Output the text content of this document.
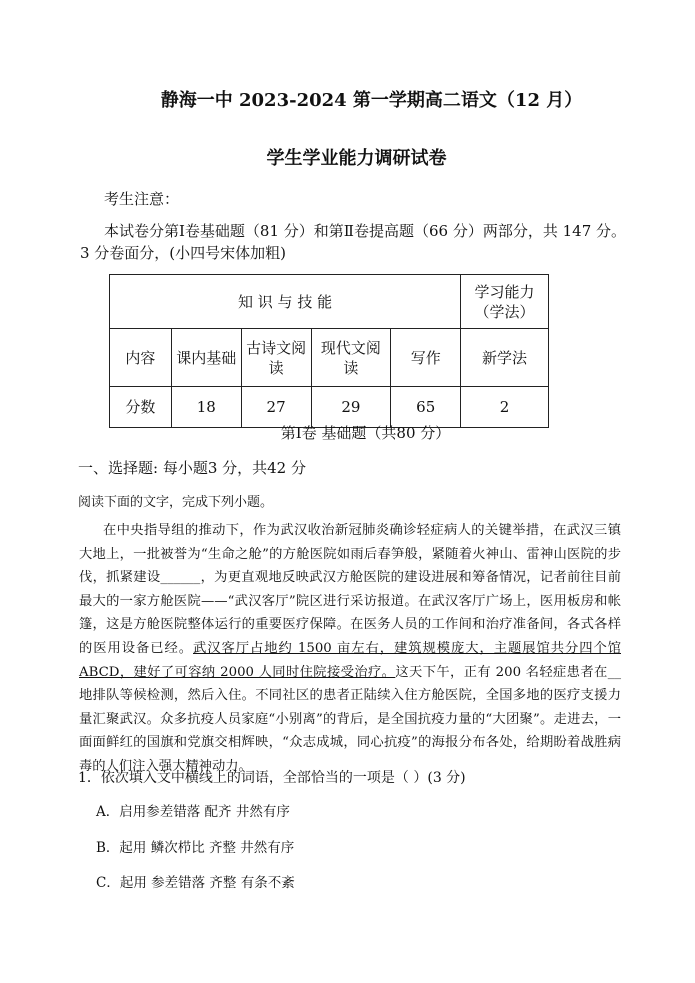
静海一中 2023-2024 第一学期高二语文（12 月）
学生学业能力调研试卷
考生注意：
本试卷分第Ⅰ卷基础题（81 分）和第Ⅱ卷提高题（66 分）两部分，共 147 分。3 分卷面分，(小四号宋体加粗)
知 识 与 技 能					学习能力（学法）
内容	课内基础	古诗文阅读	现代文阅读	写作	新学法
分数	18	27	29	65	2
第Ⅰ卷 基础题（共80 分）
一、选择题: 每小题3 分，共42 分
阅读下面的文字，完成下列小题。
在中央指导组的推动下，作为武汉收治新冠肺炎确诊轻症病人的关键举措，在武汉三镇大地上，一批被誉为“生命之舱”的方舱医院如雨后春笋般，紧随着火神山、雷神山医院的步伐，抓紧建设______，为更直观地反映武汉方舱医院的建设进展和筹备情况，记者前往目前最大的一家方舱医院——“武汉客厅”院区进行采访报道。在武汉客厅广场上，医用板房和帐篷，这是方舱医院整体运行的重要医疗保障。在医务人员的工作间和治疗准备间，各式各样的医用设备已经。武汉客厅占地约 1500 亩左右，建筑规模庞大，主题展馆共分四个馆 ABCD，建好了可容纳 2000 人同时住院接受治疗。这天下午，正有 200 名轻症患者在__地排队等候检测，然后入住。不同社区的患者正陆续入住方舱医院，全国多地的医疗支援力量汇聚武汉。众多抗疫人员家庭“小别离”的背后，是全国抗疫力量的“大团聚”。走进去，一面面鲜红的国旗和党旗交相辉映，“众志成城，同心抗疫”的海报分布各处，给期盼着战胜病毒的人们注入强大精神动力。
1．依次填入文中横线上的词语，全部恰当的一项是（ ）(3 分)
A．启用参差错落 配齐 井然有序
B．起用 鳞次栉比 齐整 井然有序
C．起用 参差错落 齐整 有条不紊
